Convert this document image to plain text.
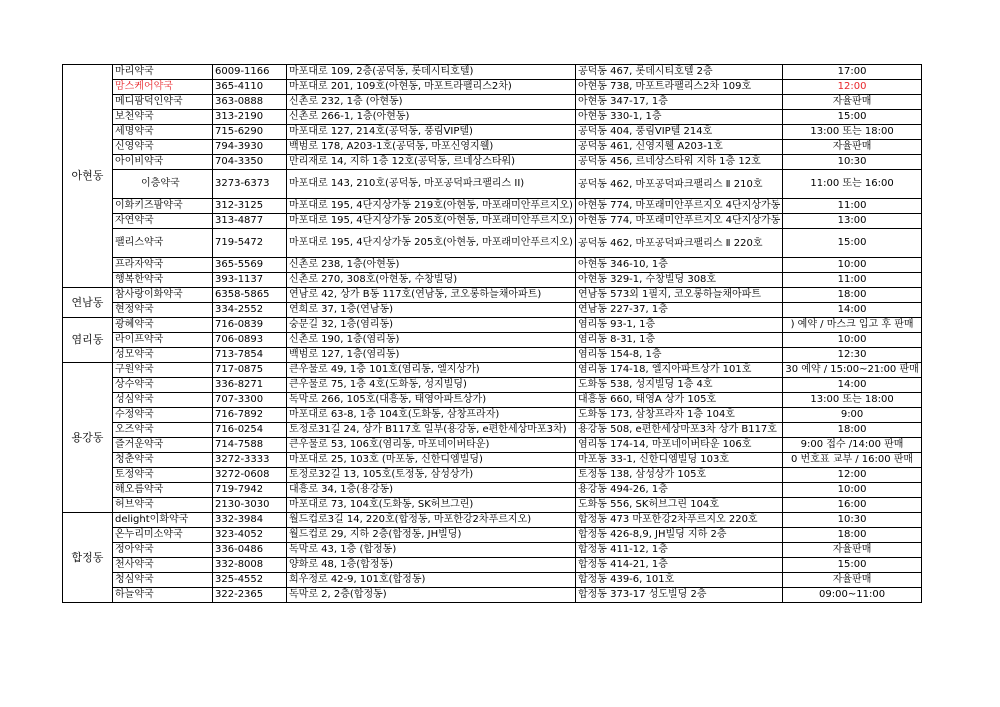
아현동	마리약국	6009-1166	마포대로 109, 2층(공덕동, 롯데시티호텔)	공덕동 467, 롯데시티호텔 2층	17:00
	맘스케어약국	365-4110	마포대로 201, 109호(아현동, 마포트라팰리스2차)	아현동 738, 마포트라팰리스2차 109호	12:00
	메디팜덕인약국	363-0888	신촌로 232, 1층 (아현동)	아현동 347-17, 1층	자율판매
	보천약국	313-2190	신촌로 266-1, 1층(아현동)	아현동 330-1, 1층	15:00
	세명약국	715-6290	마포대로 127, 214호(공덕동, 풍림VIP텔)	공덕동 404, 풍림VIP텔 214호	13:00 또는 18:00
	신영약국	794-3930	백범로 178, A203-1호(공덕동, 마포신영지웰)	공덕동 461, 신영지웰 A203-1호	자율판매
	아이비약국	704-3350	만리재로 14, 지하 1층 12호(공덕동, 르네상스타워)	공덕동 456, 르네상스타워 지하 1층 12호	10:30
	이층약국	3273-6373	마포대로 143, 210호(공덕동, 마포공덕파크팰리스 II)	공덕동 462, 마포공덕파크팰리스 Ⅱ 210호	11:00 또는 16:00
	이화키즈팜약국	312-3125	마포대로 195, 4단지상가동 219호(아현동, 마포래미안푸르지오)	아현동 774, 마포래미안푸르지오 4단지상가동	11:00
	자연약국	313-4877	마포대로 195, 4단지상가동 205호(아현동, 마포래미안푸르지오)	아현동 774, 마포래미안푸르지오 4단지상가동	13:00
	팰리스약국	719-5472	마포대로 195, 4단지상가동 205호(아현동, 마포래미안푸르지오)	공덕동 462, 마포공덕파크팰리스 Ⅱ 220호	15:00
	프라자약국	365-5569	신촌로 238, 1층(아현동)	아현동 346-10, 1층	10:00
	행복한약국	393-1137	신촌로 270, 308호(아현동, 수창빌딩)	아현동 329-1, 수창빌딩 308호	11:00
연남동	참사랑이화약국	6358-5865	연남로 42, 상가 B동 117호(연남동, 코오롱하늘채아파트)	연남동 573외 1필지, 코오롱하늘채아파트	18:00
	현정약국	334-2552	연희로 37, 1층(연남동)	연남동 227-37, 1층	14:00
염리동	광혜약국	716-0839	숭문길 32, 1층(염리동)	염리동 93-1, 1층	) 예약 / 마스크 입고 후 판매
	라이프약국	706-0893	신촌로 190, 1층(염리동)	염리동 8-31, 1층	10:00
	성모약국	713-7854	백범로 127, 1층(염리동)	염리동 154-8, 1층	12:30
용강동	구원약국	717-0875	큰우물로 49, 1층 101호(염리동, 엘지상가)	염리동 174-18, 엘지아파트상가 101호	30 예약 / 15:00~21:00 판매
	상수약국	336-8271	큰우물로 75, 1층 4호(도화동, 성지빌딩)	도화동 538, 성지빌딩 1층 4호	14:00
	성심약국	707-3300	독막로 266, 105호(대흥동, 태영아파트상가)	대흥동 660, 태영A 상가 105호	13:00 또는 18:00
	수정약국	716-7892	마포대로 63-8, 1층 104호(도화동, 삼창프라자)	도화동 173, 삼창프라자 1층 104호	9:00
	오즈약국	716-0254	토정로31길 24, 상가 B117호 일부(용강동, e편한세상마포3차)	용강동 508, e편한세상마포3차 상가 B117호	18:00
	즐거운약국	714-7588	큰우물로 53, 106호(염리동, 마포네이버타운)	염리동 174-14, 마포네이버타운 106호	9:00 접수 /14:00 판매
	청춘약국	3272-3333	마포대로 25, 103호 (마포동, 신한디엠빌딩)	마포동 33-1, 신한디엠빌딩 103호	0 번호표 교부 / 16:00 판매
	토정약국	3272-0608	토정로32길 13, 105호(토정동, 삼성상가)	토정동 138, 삼성상가 105호	12:00
	해오름약국	719-7942	대흥로 34, 1층(용강동)	용강동 494-26, 1층	10:00
	허브약국	2130-3030	마포대로 73, 104호(도화동, SK허브그린)	도화동 556, SK허브그린 104호	16:00
합정동	delight이화약국	332-3984	월드컵로3길 14, 220호(합정동, 마포한강2차푸르지오)	합정동 473 마포한강2차푸르지오 220호	10:30
	온누리미소약국	323-4052	월드컵로 29, 지하 2층(합정동, JH빌딩)	합정동 426-8,9, JH빌딩 지하 2층	18:00
	정아약국	336-0486	독막로 43, 1층 (합정동)	합정동 411-12, 1층	자율판매
	천사약국	332-8008	양화로 48, 1층(합정동)	합정동 414-21, 1층	15:00
	청심약국	325-4552	희우정로 42-9, 101호(합정동)	합정동 439-6, 101호	자율판매
	하늘약국	322-2365	독막로 2, 2층(합정동)	합정동 373-17 성도빌딩 2층	09:00~11:00
